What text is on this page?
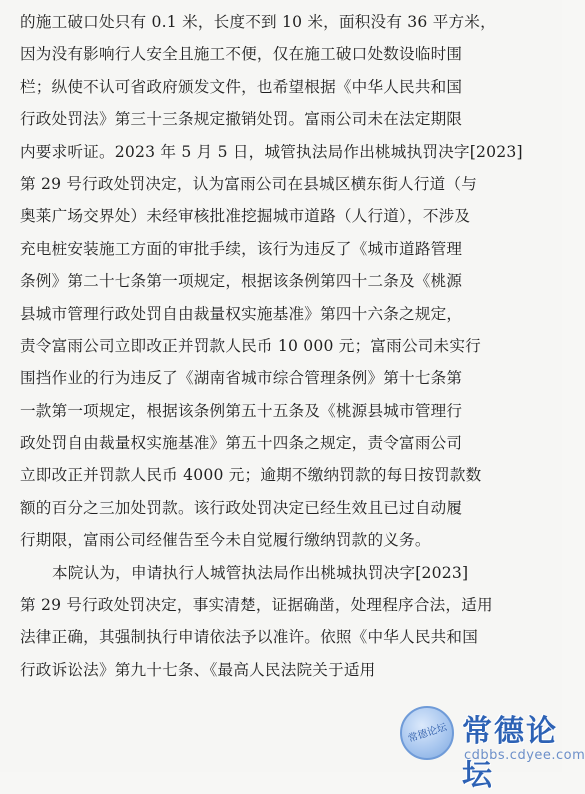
的施工破口处只有 0.1 米，长度不到 10 米，面积没有 36 平方米，
因为没有影响行人安全且施工不便，仅在施工破口处数设临时围
栏；纵使不认可省政府颁发文件，也希望根据《中华人民共和国
行政处罚法》第三十三条规定撤销处罚。富雨公司未在法定期限
内要求听证。2023 年 5 月 5 日，城管执法局作出桃城执罚决字[2023]
第 29 号行政处罚决定，认为富雨公司在县城区横东街人行道（与
奥莱广场交界处）未经审核批准挖掘城市道路（人行道），不涉及
充电桩安装施工方面的审批手续，该行为违反了《城市道路管理
条例》第二十七条第一项规定，根据该条例第四十二条及《桃源
县城市管理行政处罚自由裁量权实施基准》第四十六条之规定，
责令富雨公司立即改正并罚款人民币 10 000 元；富雨公司未实行
围挡作业的行为违反了《湖南省城市综合管理条例》第十七条第
一款第一项规定，根据该条例第五十五条及《桃源县城市管理行
政处罚自由裁量权实施基准》第五十四条之规定，责令富雨公司
立即改正并罚款人民币 4000 元；逾期不缴纳罚款的每日按罚款数
额的百分之三加处罚款。该行政处罚决定已经生效且已过自动履
行期限，富雨公司经催告至今未自觉履行缴纳罚款的义务。
本院认为，申请执行人城管执法局作出桃城执罚决字[2023]
第 29 号行政处罚决定，事实清楚，证据确凿，处理程序合法，适用
法律正确，其强制执行申请依法予以准许。依照《中华人民共和国
行政诉讼法》第九十七条、《最高人民法院关于适用
常德论坛 常德论坛
cdbbs.cdyee.com
